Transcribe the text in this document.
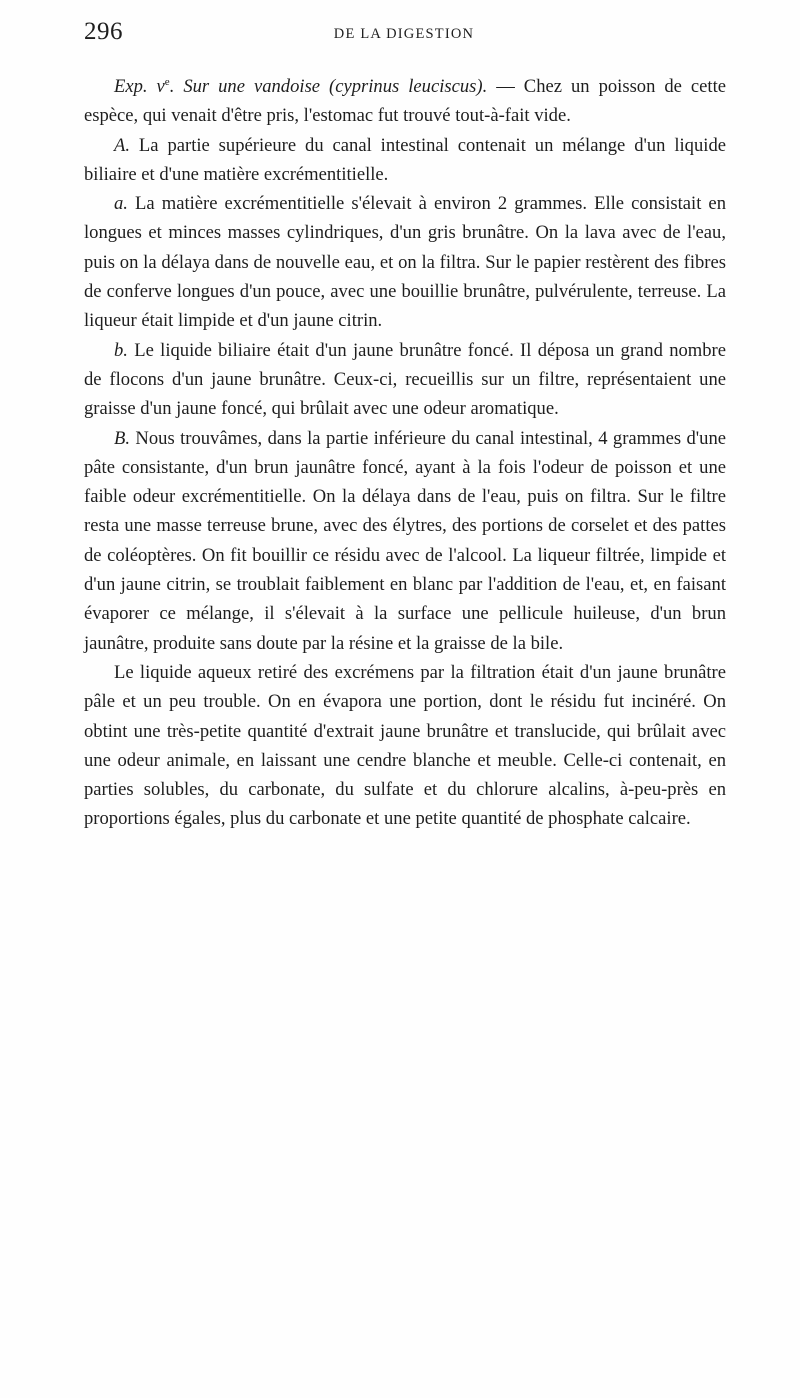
296	DE LA DIGESTION

Exp. $v^e$. Sur une vandoise (cyprinus leuciscus). — Chez un poisson de cette espèce, qui venait d'être pris, l'estomac fut trouvé tout-à-fait vide.

A. La partie supérieure du canal intestinal contenait un mélange d'un liquide biliaire et d'une matière excrémentitielle.

a. La matière excrémentitielle s'élevait à environ 2 grammes. Elle consistait en longues et minces masses cylindriques, d'un gris brunâtre. On la lava avec de l'eau, puis on la délaya dans de nouvelle eau, et on la filtra. Sur le papier restèrent des fibres de conferve longues d'un pouce, avec une bouillie brunâtre, pulvérulente, terreuse. La liqueur était limpide et d'un jaune citrin.

b. Le liquide biliaire était d'un jaune brunâtre foncé. Il déposa un grand nombre de flocons d'un jaune brunâtre. Ceux-ci, recueillis sur un filtre, représentaient une graisse d'un jaune foncé, qui brûlait avec une odeur aromatique.

B. Nous trouvâmes, dans la partie inférieure du canal intestinal, 4 grammes d'une pâte consistante, d'un brun jaunâtre foncé, ayant à la fois l'odeur de poisson et une faible odeur excrémentitielle. On la délaya dans de l'eau, puis on filtra. Sur le filtre resta une masse terreuse brune, avec des élytres, des portions de corselet et des pattes de coléoptères. On fit bouillir ce résidu avec de l'alcool. La liqueur filtrée, limpide et d'un jaune citrin, se troublait faiblement en blanc par l'addition de l'eau, et, en faisant évaporer ce mélange, il s'élevait à la surface une pellicule huileuse, d'un brun jaunâtre, produite sans doute par la résine et la graisse de la bile.

Le liquide aqueux retiré des excrémens par la filtration était d'un jaune brunâtre pâle et un peu trouble. On en évapora une portion, dont le résidu fut incinéré. On obtint une très-petite quantité d'extrait jaune brunâtre et translucide, qui brûlait avec une odeur animale, en laissant une cendre blanche et meuble. Celle-ci contenait, en parties solubles, du carbonate, du sulfate et du chlorure alcalins, à-peu-près en proportions égales, plus du carbonate et une petite quantité de phosphate calcaire.
